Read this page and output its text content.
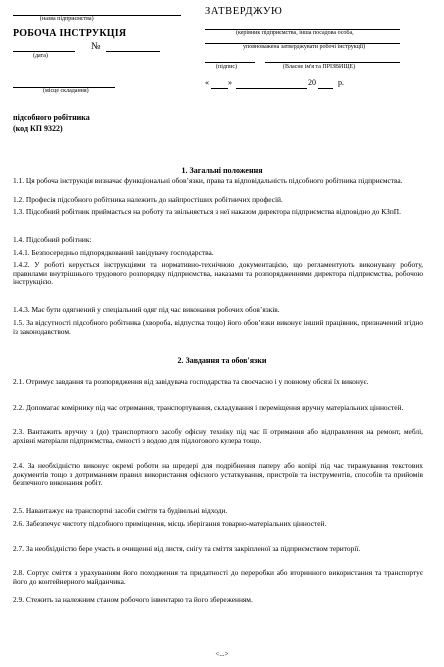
(назва підприємства)
РОБОЧА ІНСТРУКЦІЯ
№
(дата)
(місце складання)
ЗАТВЕРДЖУЮ
(керівник підприємства, інша посадова особа,
уповноважена затверджувати робочі інструкції)
(підпис)	(Власне ім'я та ПРІЗВИЩЕ)
« »	20	р.
підсобного робітника
(код КП 9322)
1. Загальні положення
1.1. Ця робоча інструкція визначає функціональні обов’язки, права та відповідальність підсобного робітника підприємства.
1.2. Професія підсобного робітника належить до найпростіших робітничих професій.
1.3. Підсобний робітник приймається на роботу та звільняється з неї наказом директора підприємства відповідно до КЗпП.
1.4. Підсобний робітник:
1.4.1. Безпосередньо підпорядкований завідувачу господарства.
1.4.2. У роботі керується інструкціями та нормативно-технічною документацією, що регламентують виконувану роботу, правилами внутрішнього трудового розпорядку підприємства, наказами та розпорядженнями директора підприємства, робочою інструкцією.
1.4.3. Має бути одягнений у спеціальний одяг під час виконання робочих обов’язків.
1.5. За відсутності підсобного робітника (хвороба, відпустка тощо) його обов’язки виконує інший працівник, призначений згідно із законодавством.
2. Завдання та обов'язки
2.1. Отримує завдання та розпорядження від завідувача господарства та своєчасно і у повному обсязі їх виконує.
2.2. Допомагає комірнику під час отримання, транспортування, складування і переміщення вручну матеріальних цінностей.
2.3. Вантажить вручну з (до) транспортного засобу офісну техніку під час її отримання або відправлення на ремонт, меблі, архівні матеріали підприємства, ємності з водою для підлогового кулера тощо.
2.4. За необхідністю виконує окремі роботи на шредері для подрібнення паперу або копірі під час тиражування текстових документів тощо з дотриманням правил використання офісного устаткування, пристроїв та інструментів, способів та прийомів безпечного виконання робіт.
2.5. Навантажує на транспортні засоби сміття та будівельні відходи.
2.6. Забезпечує чистоту підсобного приміщення, місць зберігання товарно-матеріальних цінностей.
2.7. За необхідністю бере участь в очищенні від листя, снігу та сміття закріпленої за підприємством території.
2.8. Сортує сміття з урахуванням його походження та придатності до переробки або вторинного використання та транспортує його до контейнерного майданчика.
2.9. Стежить за належним станом робочого інвентарю та його збереженням.
<...>
